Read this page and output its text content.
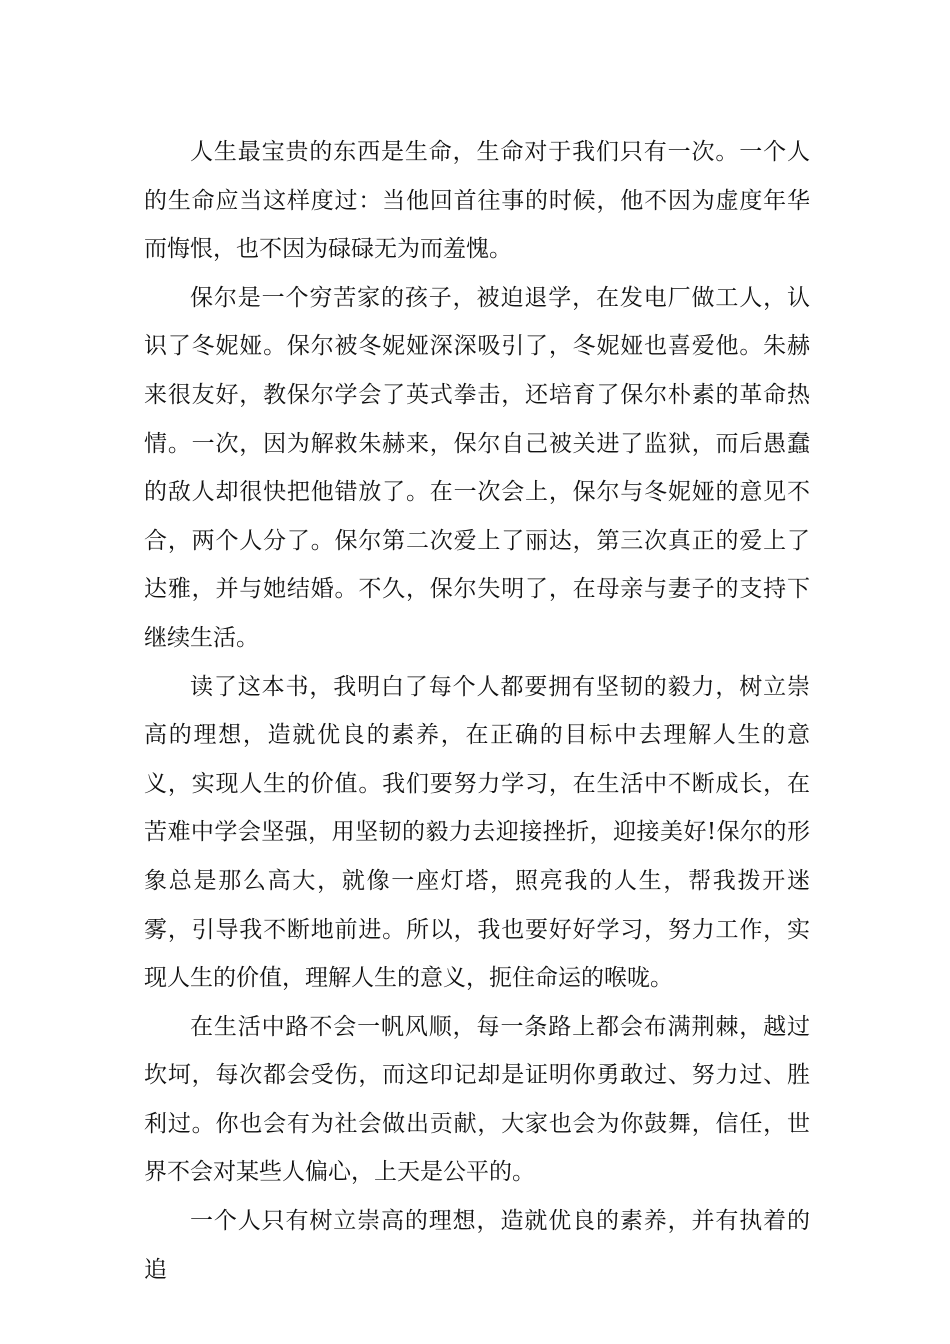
人生最宝贵的东西是生命，生命对于我们只有一次。一个人的生命应当这样度过：当他回首往事的时候，他不因为虚度年华而悔恨，也不因为碌碌无为而羞愧。

保尔是一个穷苦家的孩子，被迫退学，在发电厂做工人，认识了冬妮娅。保尔被冬妮娅深深吸引了，冬妮娅也喜爱他。朱赫来很友好，教保尔学会了英式拳击，还培育了保尔朴素的革命热情。一次，因为解救朱赫来，保尔自己被关进了监狱，而后愚蠢的敌人却很快把他错放了。在一次会上，保尔与冬妮娅的意见不合，两个人分了。保尔第二次爱上了丽达，第三次真正的爱上了达雅，并与她结婚。不久，保尔失明了，在母亲与妻子的支持下继续生活。

读了这本书，我明白了每个人都要拥有坚韧的毅力，树立崇高的理想，造就优良的素养，在正确的目标中去理解人生的意义，实现人生的价值。我们要努力学习，在生活中不断成长，在苦难中学会坚强，用坚韧的毅力去迎接挫折，迎接美好!保尔的形象总是那么高大，就像一座灯塔，照亮我的人生，帮我拨开迷雾，引导我不断地前进。所以，我也要好好学习，努力工作，实现人生的价值，理解人生的意义，扼住命运的喉咙。

在生活中路不会一帆风顺，每一条路上都会布满荆棘，越过坎坷，每次都会受伤，而这印记却是证明你勇敢过、努力过、胜利过。你也会有为社会做出贡献，大家也会为你鼓舞，信任，世界不会对某些人偏心，上天是公平的。

一个人只有树立崇高的理想，造就优良的素养，并有执着的追
